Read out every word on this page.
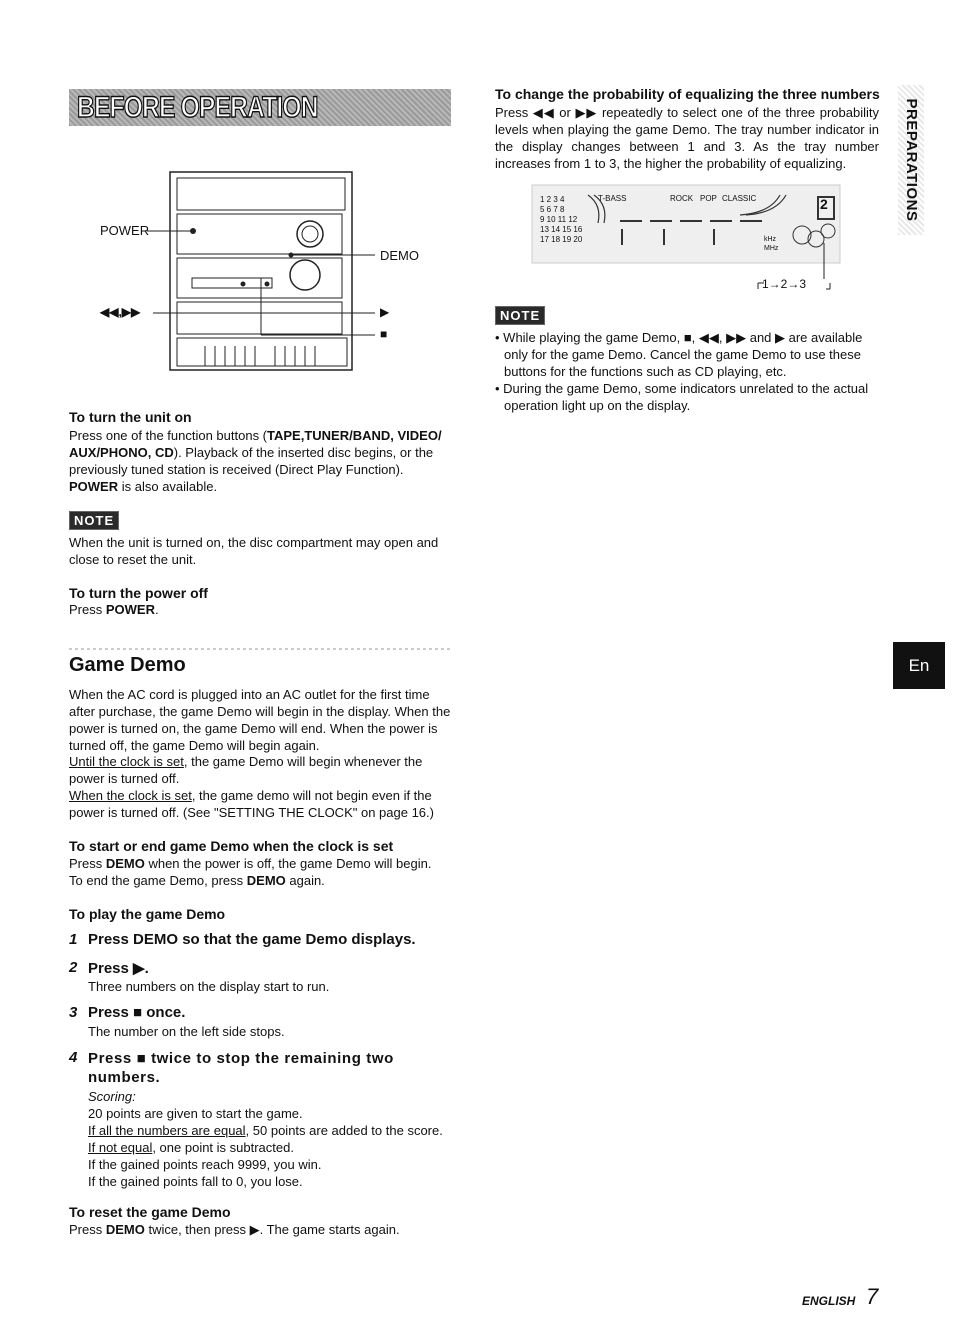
BEFORE OPERATION
POWER
DEMO
◀◀,▶▶	▶
■
To turn the unit on
Press one of the function buttons (TAPE,TUNER/BAND, VIDEO/ AUX/PHONO, CD). Playback of the inserted disc begins, or the previously tuned station is received (Direct Play Function). POWER is also available.
NOTE
When the unit is turned on, the disc compartment may open and close to reset the unit.
To turn the power off
Press POWER.
Game Demo
When the AC cord is plugged into an AC outlet for the first time after purchase, the game Demo will begin in the display. When the power is turned on, the game Demo will end. When the power is turned off, the game Demo will begin again.
Until the clock is set, the game Demo will begin whenever the power is turned off.
When the clock is set, the game demo will not begin even if the power is turned off. (See "SETTING THE CLOCK" on page 16.)
To start or end game Demo when the clock is set
Press DEMO when the power is off, the game Demo will begin.
To end the game Demo, press DEMO again.
To play the game Demo
1 Press DEMO so that the game Demo displays.
2 Press ▶.
Three numbers on the display start to run.
3 Press ■ once.
The number on the left side stops.
4 Press ■ twice to stop the remaining two numbers.
Scoring:
20 points are given to start the game.
If all the numbers are equal, 50 points are added to the score.
If not equal, one point is subtracted.
If the gained points reach 9999, you win.
If the gained points fall to 0, you lose.
To reset the game Demo
Press DEMO twice, then press ▶. The game starts again.
To change the probability of equalizing the three numbers
Press ◀◀ or ▶▶ repeatedly to select one of the three probability levels when playing the game Demo. The tray number indicator in the display changes between 1 and 3. As the tray number increases from 1 to 3, the higher the probability of equalizing.
1 2 3 4
5 6 7 8
9 10 11 12
13 14 15 16
17 18 19 20
T-BASS	ROCK POP CLASSIC
kHz
MHz
2
1→2→3
NOTE
• While playing the game Demo, ■, ◀◀, ▶▶ and ▶ are available only for the game Demo. Cancel the game Demo to use these buttons for the functions such as CD playing, etc.
• During the game Demo, some indicators unrelated to the actual operation light up on the display.
PREPARATIONS
En
ENGLISH 7
